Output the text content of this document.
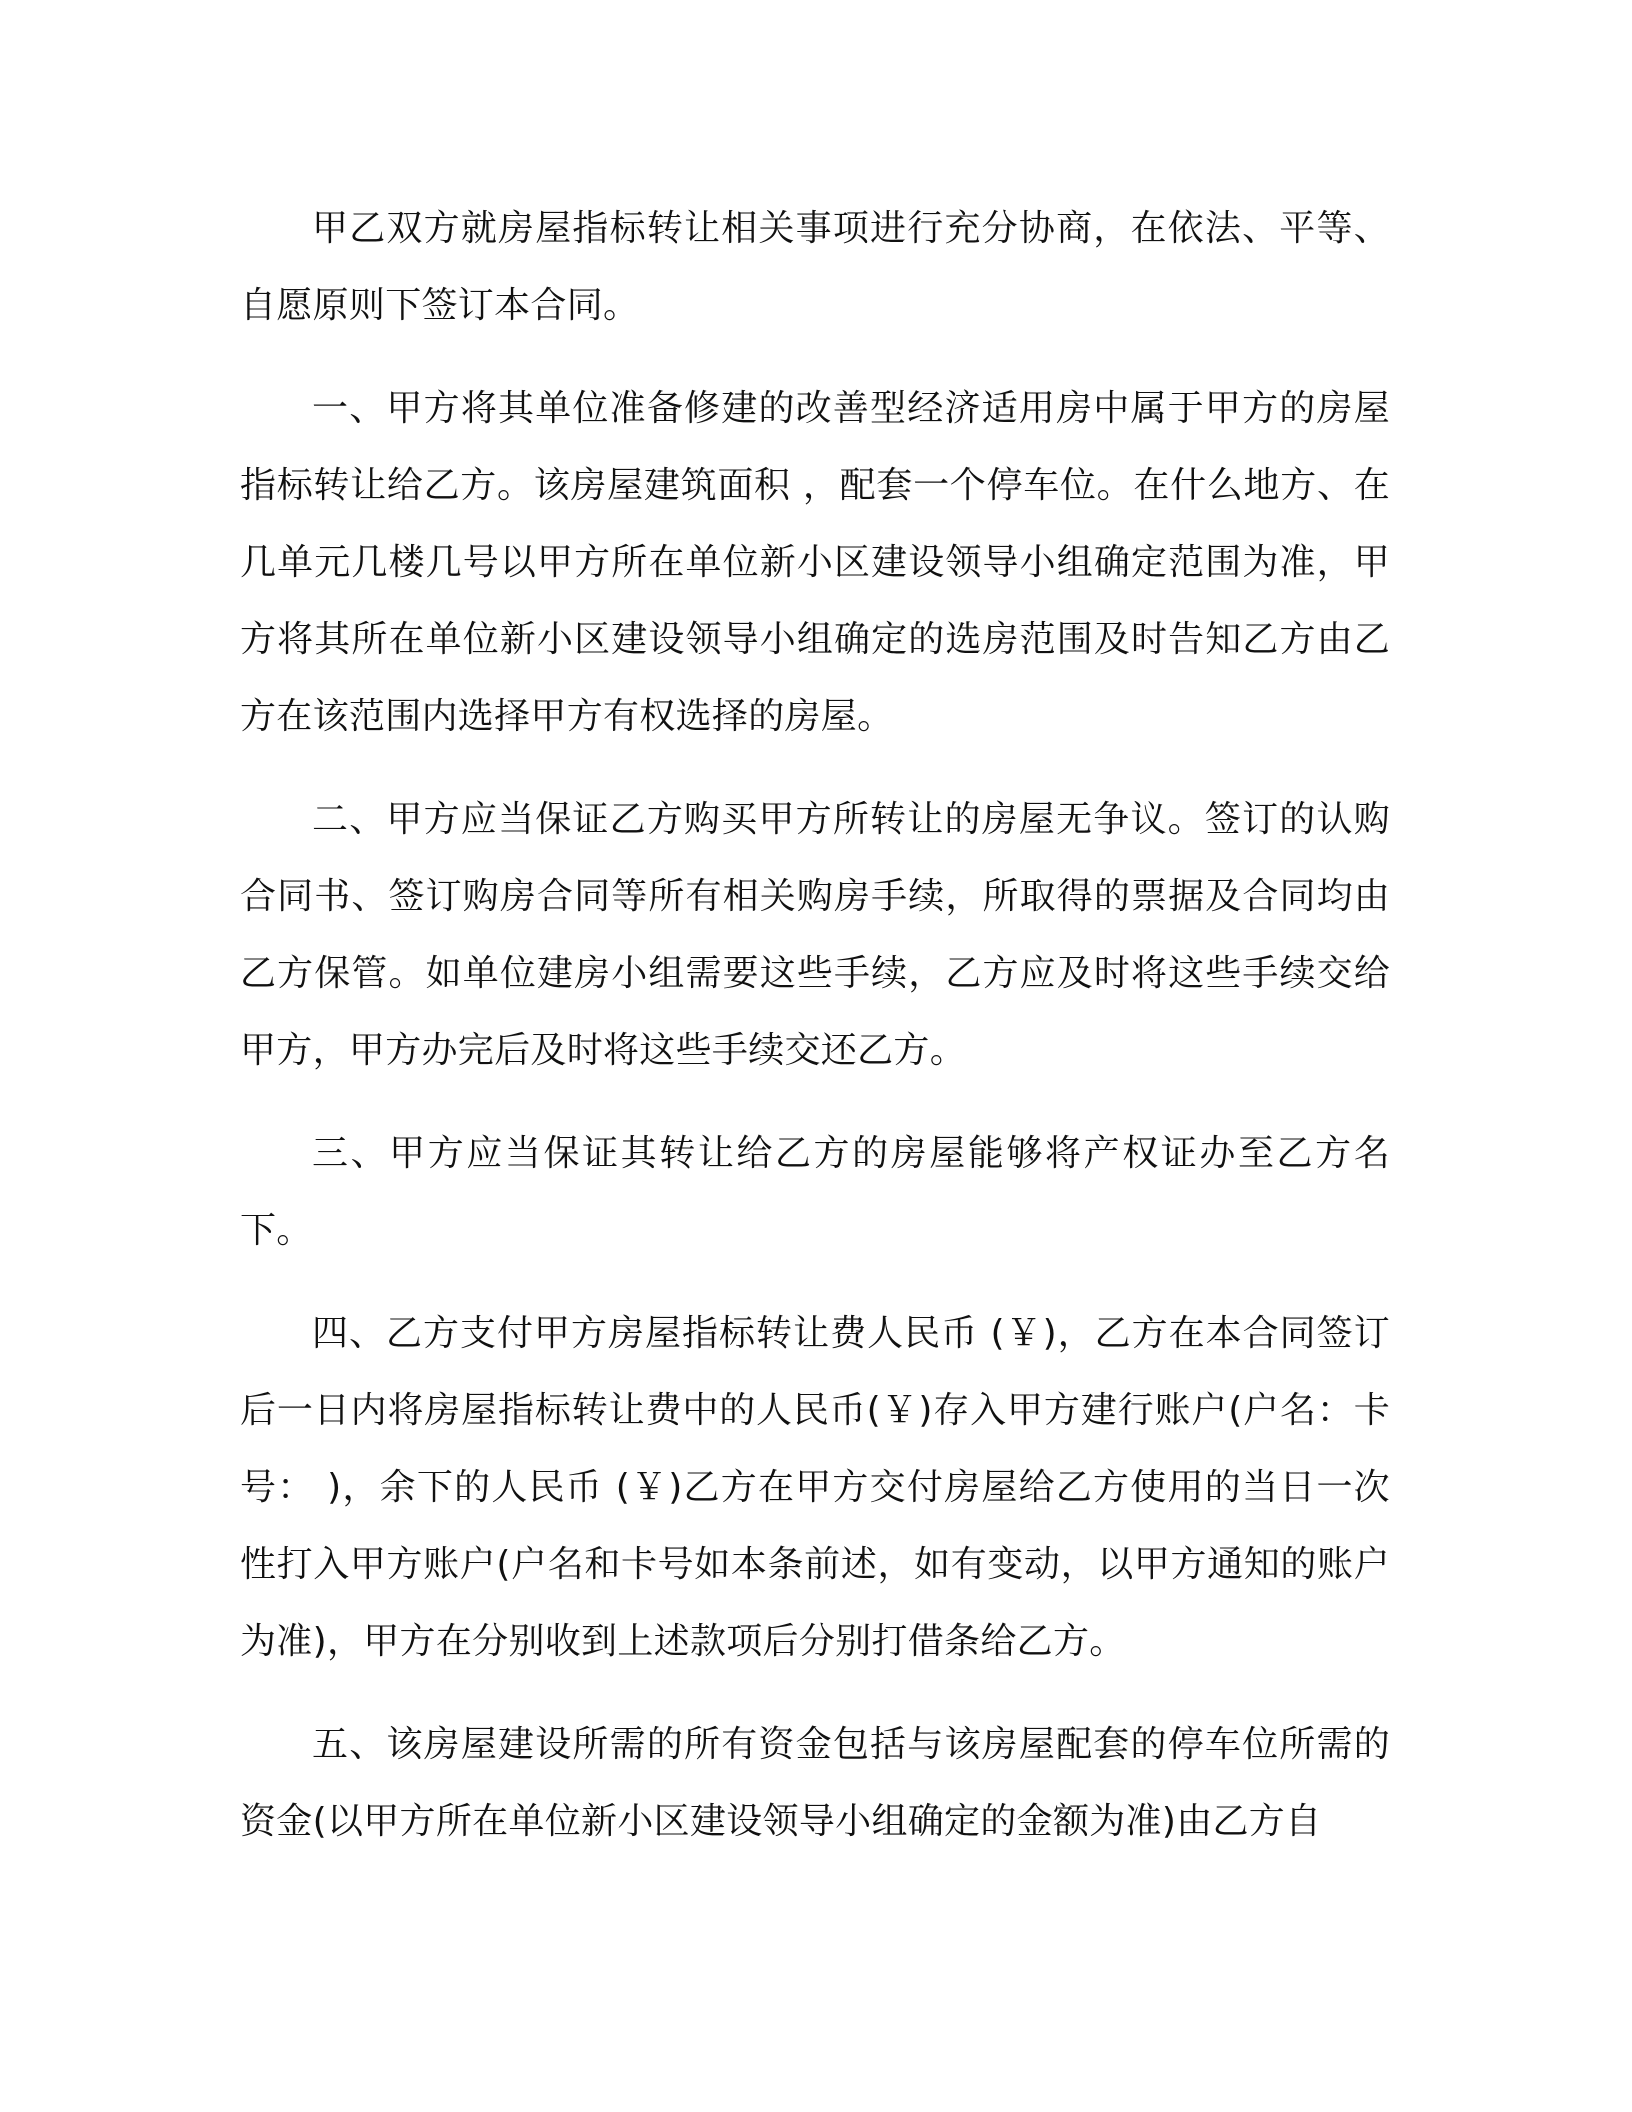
甲乙双方就房屋指标转让相关事项进行充分协商，在依法、平等、自愿原则下签订本合同。

一、甲方将其单位准备修建的改善型经济适用房中属于甲方的房屋指标转让给乙方。该房屋建筑面积 ，配套一个停车位。在什么地方、在几单元几楼几号以甲方所在单位新小区建设领导小组确定范围为准，甲方将其所在单位新小区建设领导小组确定的选房范围及时告知乙方由乙方在该范围内选择甲方有权选择的房屋。

二、甲方应当保证乙方购买甲方所转让的房屋无争议。签订的认购合同书、签订购房合同等所有相关购房手续，所取得的票据及合同均由乙方保管。如单位建房小组需要这些手续，乙方应及时将这些手续交给甲方，甲方办完后及时将这些手续交还乙方。

三、甲方应当保证其转让给乙方的房屋能够将产权证办至乙方名下。

四、乙方支付甲方房屋指标转让费人民币 (￥)，乙方在本合同签订后一日内将房屋指标转让费中的人民币(￥)存入甲方建行账户(户名：卡号： )，余下的人民币 (￥)乙方在甲方交付房屋给乙方使用的当日一次性打入甲方账户(户名和卡号如本条前述，如有变动，以甲方通知的账户为准)，甲方在分别收到上述款项后分别打借条给乙方。

五、该房屋建设所需的所有资金包括与该房屋配套的停车位所需的资金(以甲方所在单位新小区建设领导小组确定的金额为准)由乙方自
